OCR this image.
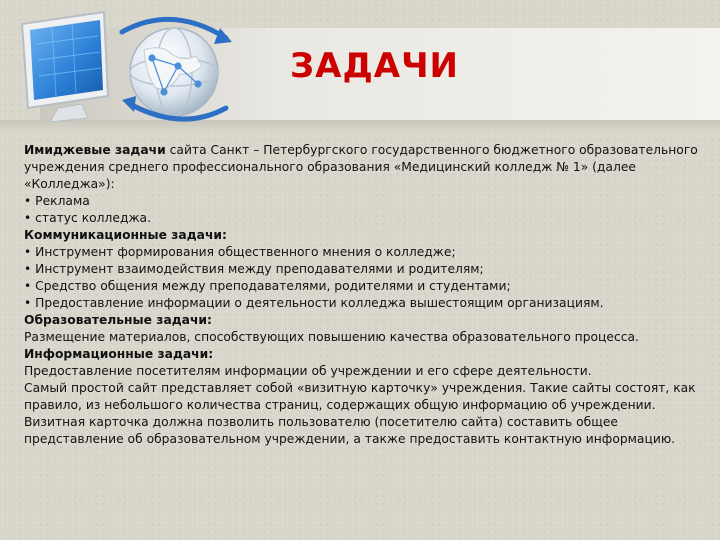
ЗАДАЧИ

Имиджевые задачи сайта Санкт – Петербургского государственного бюджетного образовательного учреждения среднего профессионального образования «Медицинский колледж № 1» (далее «Колледжа»):

• Реклама

• статус колледжа.

Коммуникационные задачи:

• Инструмент формирования общественного мнения о колледже;

• Инструмент взаимодействия между преподавателями и родителям;

• Средство общения между преподавателями, родителями и студентами;

• Предоставление информации о деятельности колледжа вышестоящим организациям.

Образовательные задачи:

Размещение материалов, способствующих повышению качества образовательного процесса.

Информационные задачи:

Предоставление посетителям информации об учреждении и его сфере деятельности.

Самый простой сайт представляет собой «визитную карточку» учреждения. Такие сайты состоят, как правило, из небольшого количества страниц, содержащих общую информацию об учреждении.

Визитная карточка должна позволить пользователю (посетителю сайта) составить общее представление об образовательном учреждении, а также предоставить контактную информацию.
